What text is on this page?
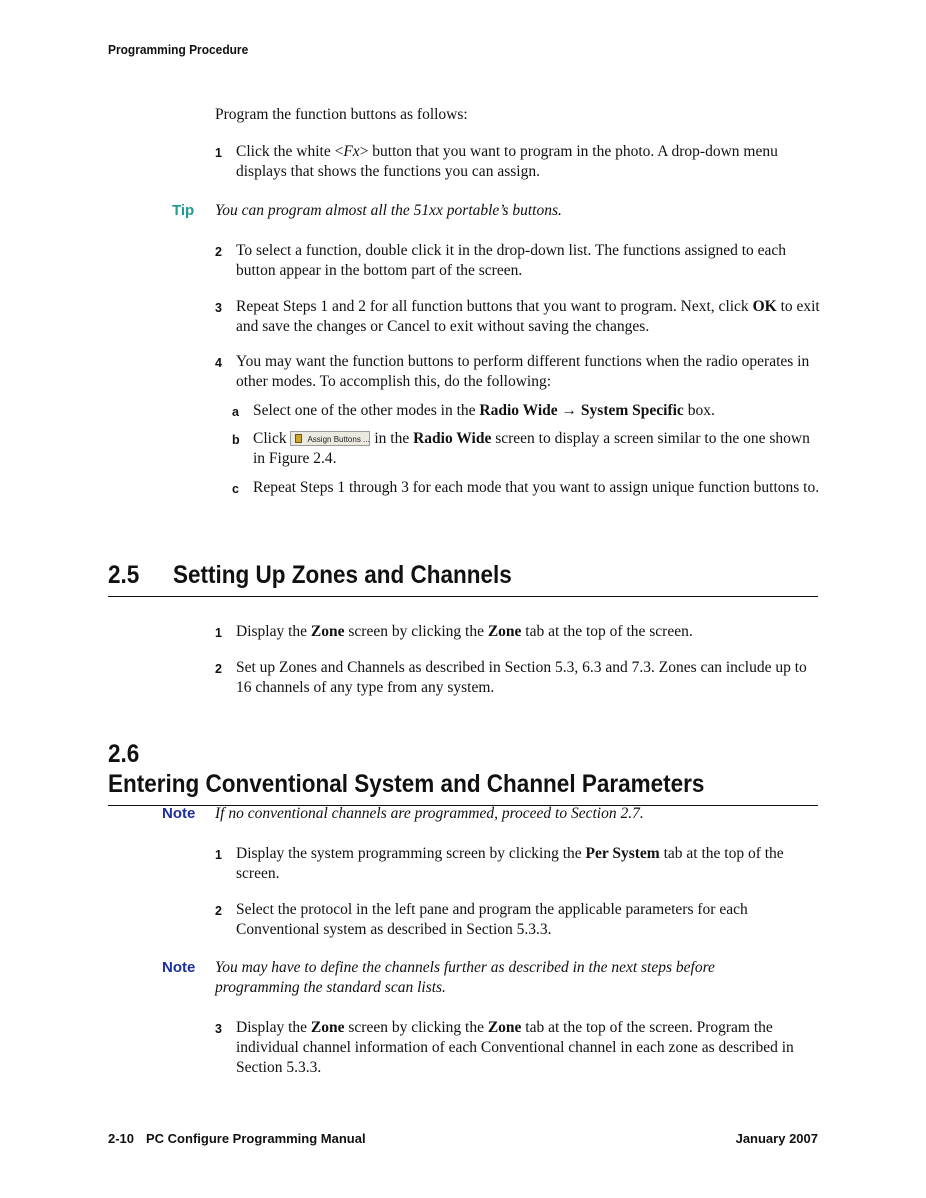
Programming Procedure
Program the function buttons as follows:
1 Click the white <Fx> button that you want to program in the photo. A drop-down menu displays that shows the functions you can assign.
Tip You can program almost all the 51xx portable’s buttons.
2 To select a function, double click it in the drop-down list. The functions assigned to each button appear in the bottom part of the screen.
3 Repeat Steps 1 and 2 for all function buttons that you want to program. Next, click OK to exit and save the changes or Cancel to exit without saving the changes.
4 You may want the function buttons to perform different functions when the radio operates in other modes. To accomplish this, do the following:
a Select one of the other modes in the Radio Wide → System Specific box.
b Click Assign Buttons ... in the Radio Wide screen to display a screen similar to the one shown in Figure 2.4.
c Repeat Steps 1 through 3 for each mode that you want to assign unique function buttons to.
2.5 Setting Up Zones and Channels
1 Display the Zone screen by clicking the Zone tab at the top of the screen.
2 Set up Zones and Channels as described in Section 5.3, 6.3 and 7.3. Zones can include up to 16 channels of any type from any system.
2.6Entering Conventional System and Channel Parameters
Note If no conventional channels are programmed, proceed to Section 2.7.
1 Display the system programming screen by clicking the Per System tab at the top of the screen.
2 Select the protocol in the left pane and program the applicable parameters for each Conventional system as described in Section 5.3.3.
Note You may have to define the channels further as described in the next steps before programming the standard scan lists.
3 Display the Zone screen by clicking the Zone tab at the top of the screen. Program the individual channel information of each Conventional channel in each zone as described in Section 5.3.3.
2-10 PC Configure Programming Manual	January 2007
